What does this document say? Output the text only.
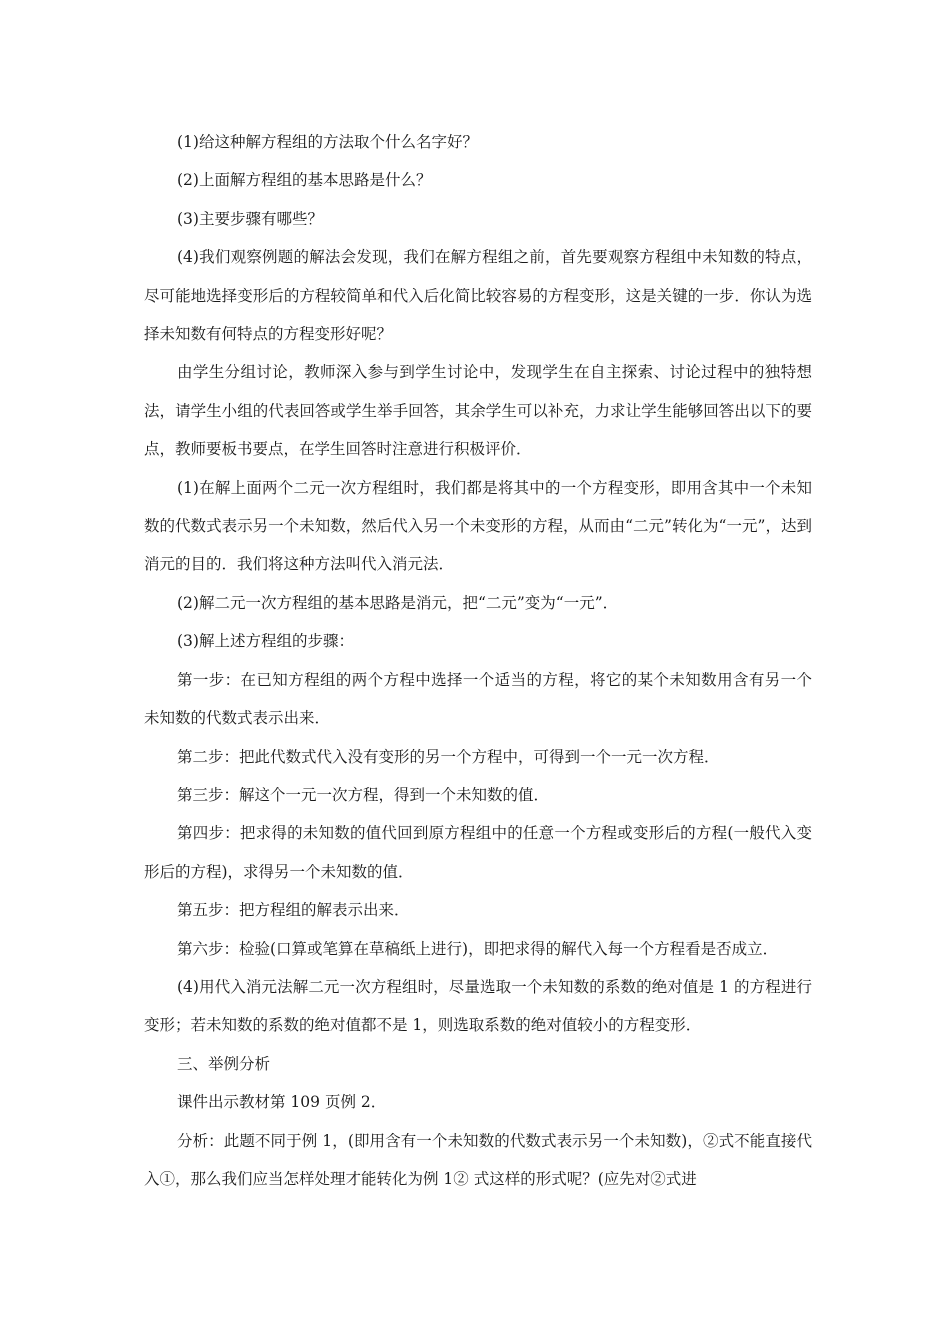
(1)给这种解方程组的方法取个什么名字好？

(2)上面解方程组的基本思路是什么？

(3)主要步骤有哪些？

(4)我们观察例题的解法会发现，我们在解方程组之前，首先要观察方程组中未知数的特点，尽可能地选择变形后的方程较简单和代入后化简比较容易的方程变形，这是关键的一步．你认为选择未知数有何特点的方程变形好呢？

由学生分组讨论，教师深入参与到学生讨论中，发现学生在自主探索、讨论过程中的独特想法，请学生小组的代表回答或学生举手回答，其余学生可以补充，力求让学生能够回答出以下的要点，教师要板书要点，在学生回答时注意进行积极评价．

(1)在解上面两个二元一次方程组时，我们都是将其中的一个方程变形，即用含其中一个未知数的代数式表示另一个未知数，然后代入另一个未变形的方程，从而由“二元”转化为“一元”，达到消元的目的．我们将这种方法叫代入消元法．

(2)解二元一次方程组的基本思路是消元，把“二元”变为“一元”．

(3)解上述方程组的步骤：

第一步：在已知方程组的两个方程中选择一个适当的方程，将它的某个未知数用含有另一个未知数的代数式表示出来．

第二步：把此代数式代入没有变形的另一个方程中，可得到一个一元一次方程．

第三步：解这个一元一次方程，得到一个未知数的值．

第四步：把求得的未知数的值代回到原方程组中的任意一个方程或变形后的方程(一般代入变形后的方程)，求得另一个未知数的值．

第五步：把方程组的解表示出来．

第六步：检验(口算或笔算在草稿纸上进行)，即把求得的解代入每一个方程看是否成立．

(4)用代入消元法解二元一次方程组时，尽量选取一个未知数的系数的绝对值是 1 的方程进行变形；若未知数的系数的绝对值都不是 1，则选取系数的绝对值较小的方程变形．

三、举例分析

课件出示教材第 109 页例 2．

分析：此题不同于例 1，(即用含有一个未知数的代数式表示另一个未知数)，②式不能直接代入①，那么我们应当怎样处理才能转化为例 1② 式这样的形式呢？(应先对②式进
